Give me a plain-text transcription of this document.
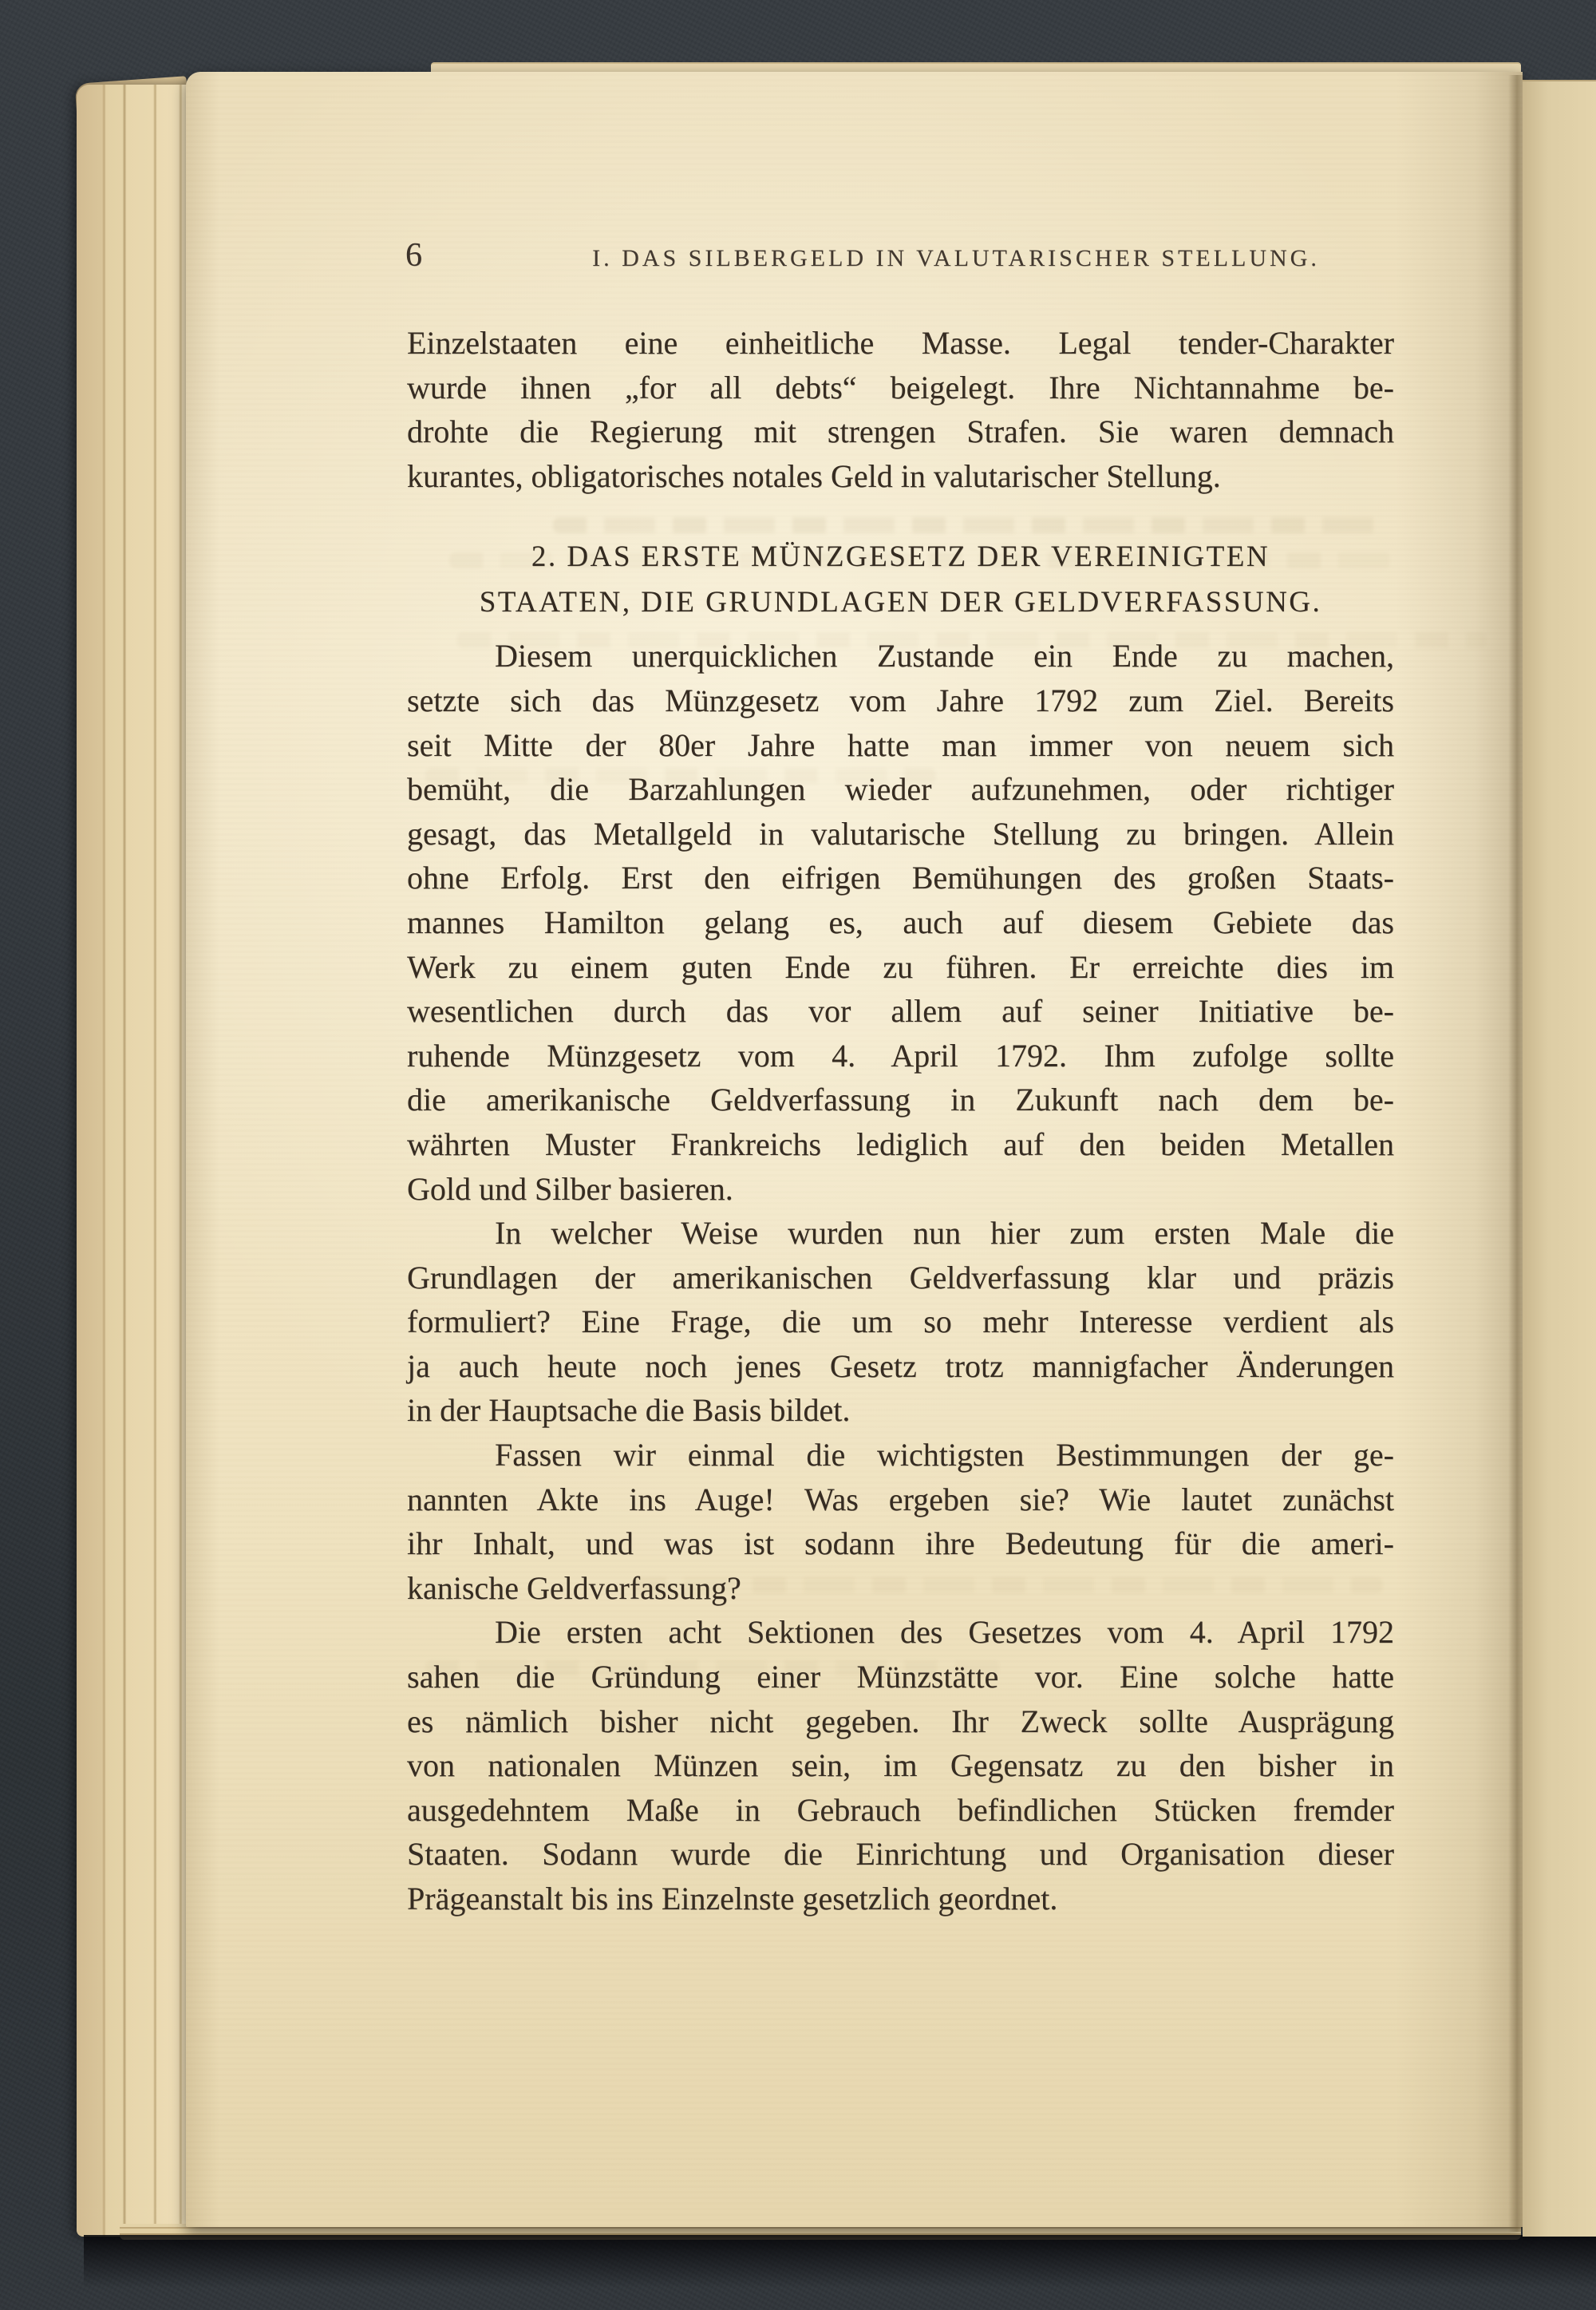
6	I. DAS SILBERGELD IN VALUTARISCHER STELLUNG.
Einzelstaaten eine einheitliche Masse. Legal tender-Charakter
wurde ihnen „for all debts“ beigelegt. Ihre Nichtannahme be-
drohte die Regierung mit strengen Strafen. Sie waren demnach
kurantes, obligatorisches notales Geld in valutarischer Stellung.
2. DAS ERSTE MÜNZGESETZ DER VEREINIGTEN
STAATEN, DIE GRUNDLAGEN DER GELDVERFASSUNG.
Diesem unerquicklichen Zustande ein Ende zu machen,
setzte sich das Münzgesetz vom Jahre 1792 zum Ziel. Bereits
seit Mitte der 80er Jahre hatte man immer von neuem sich
bemüht, die Barzahlungen wieder aufzunehmen, oder richtiger
gesagt, das Metallgeld in valutarische Stellung zu bringen. Allein
ohne Erfolg. Erst den eifrigen Bemühungen des großen Staats-
mannes Hamilton gelang es, auch auf diesem Gebiete das
Werk zu einem guten Ende zu führen. Er erreichte dies im
wesentlichen durch das vor allem auf seiner Initiative be-
ruhende Münzgesetz vom 4. April 1792. Ihm zufolge sollte
die amerikanische Geldverfassung in Zukunft nach dem be-
währten Muster Frankreichs lediglich auf den beiden Metallen
Gold und Silber basieren.
In welcher Weise wurden nun hier zum ersten Male die
Grundlagen der amerikanischen Geldverfassung klar und präzis
formuliert? Eine Frage, die um so mehr Interesse verdient als
ja auch heute noch jenes Gesetz trotz mannigfacher Änderungen
in der Hauptsache die Basis bildet.
Fassen wir einmal die wichtigsten Bestimmungen der ge-
nannten Akte ins Auge! Was ergeben sie? Wie lautet zunächst
ihr Inhalt, und was ist sodann ihre Bedeutung für die ameri-
kanische Geldverfassung?
Die ersten acht Sektionen des Gesetzes vom 4. April 1792
sahen die Gründung einer Münzstätte vor. Eine solche hatte
es nämlich bisher nicht gegeben. Ihr Zweck sollte Ausprägung
von nationalen Münzen sein, im Gegensatz zu den bisher in
ausgedehntem Maße in Gebrauch befindlichen Stücken fremder
Staaten. Sodann wurde die Einrichtung und Organisation dieser
Prägeanstalt bis ins Einzelnste gesetzlich geordnet.
